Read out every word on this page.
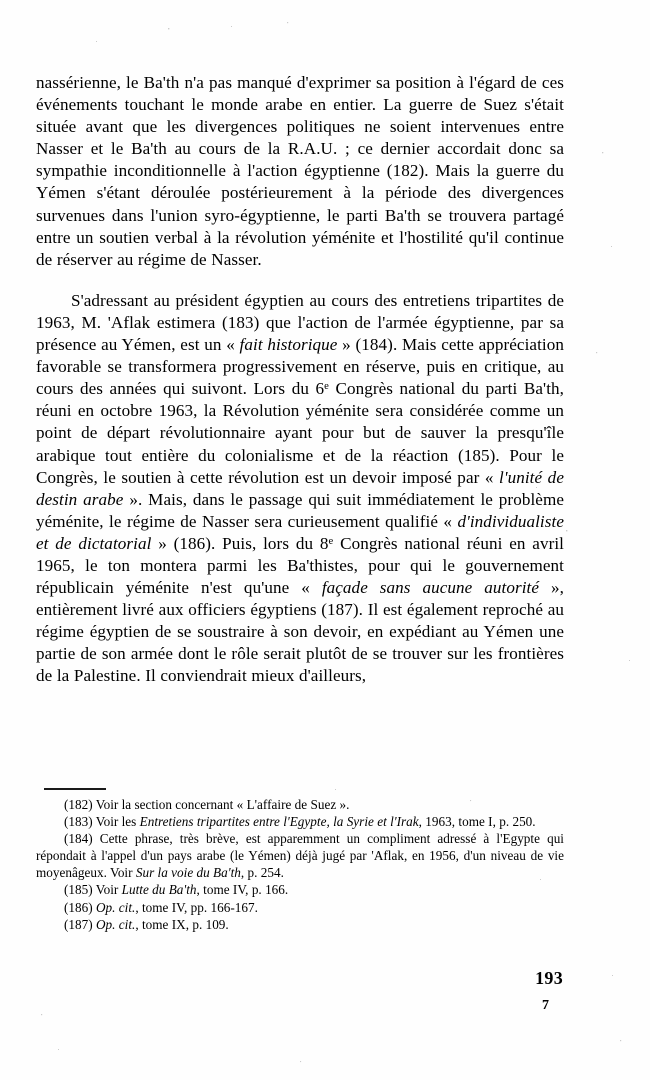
nassérienne, le Ba'th n'a pas manqué d'exprimer sa position à l'égard de ces événements touchant le monde arabe en entier. La guerre de Suez s'était située avant que les divergences politiques ne soient intervenues entre Nasser et le Ba'th au cours de la R.A.U. ; ce dernier accordait donc sa sympathie inconditionnelle à l'action égyptienne (182). Mais la guerre du Yémen s'étant déroulée postérieurement à la période des divergences survenues dans l'union syro-égyptienne, le parti Ba'th se trouvera partagé entre un soutien verbal à la révolution yéménite et l'hostilité qu'il continue de réserver au régime de Nasser.

S'adressant au président égyptien au cours des entretiens tripartites de 1963, M. 'Aflak estimera (183) que l'action de l'armée égyptienne, par sa présence au Yémen, est un « fait historique » (184). Mais cette appréciation favorable se transformera progressivement en réserve, puis en critique, au cours des années qui suivont. Lors du 6e Congrès national du parti Ba'th, réuni en octobre 1963, la Révolution yéménite sera considérée comme un point de départ révolutionnaire ayant pour but de sauver la presqu'île arabique tout entière du colonialisme et de la réaction (185). Pour le Congrès, le soutien à cette révolution est un devoir imposé par « l'unité de destin arabe ». Mais, dans le passage qui suit immédiatement le problème yéménite, le régime de Nasser sera curieusement qualifié « d'individualiste et de dictatorial » (186). Puis, lors du 8e Congrès national réuni en avril 1965, le ton montera parmi les Ba'thistes, pour qui le gouvernement républicain yéménite n'est qu'une « façade sans aucune autorité », entièrement livré aux officiers égyptiens (187). Il est également reproché au régime égyptien de se soustraire à son devoir, en expédiant au Yémen une partie de son armée dont le rôle serait plutôt de se trouver sur les frontières de la Palestine. Il conviendrait mieux d'ailleurs,

(182) Voir la section concernant « L'affaire de Suez ».

(183) Voir les Entretiens tripartites entre l'Egypte, la Syrie et l'Irak, 1963, tome I, p. 250.

(184) Cette phrase, très brève, est apparemment un compliment adressé à l'Egypte qui répondait à l'appel d'un pays arabe (le Yémen) déjà jugé par 'Aflak, en 1956, d'un niveau de vie moyenâgeux. Voir Sur la voie du Ba'th, p. 254.

(185) Voir Lutte du Ba'th, tome IV, p. 166.

(186) Op. cit., tome IV, pp. 166-167.

(187) Op. cit., tome IX, p. 109.

193
7
